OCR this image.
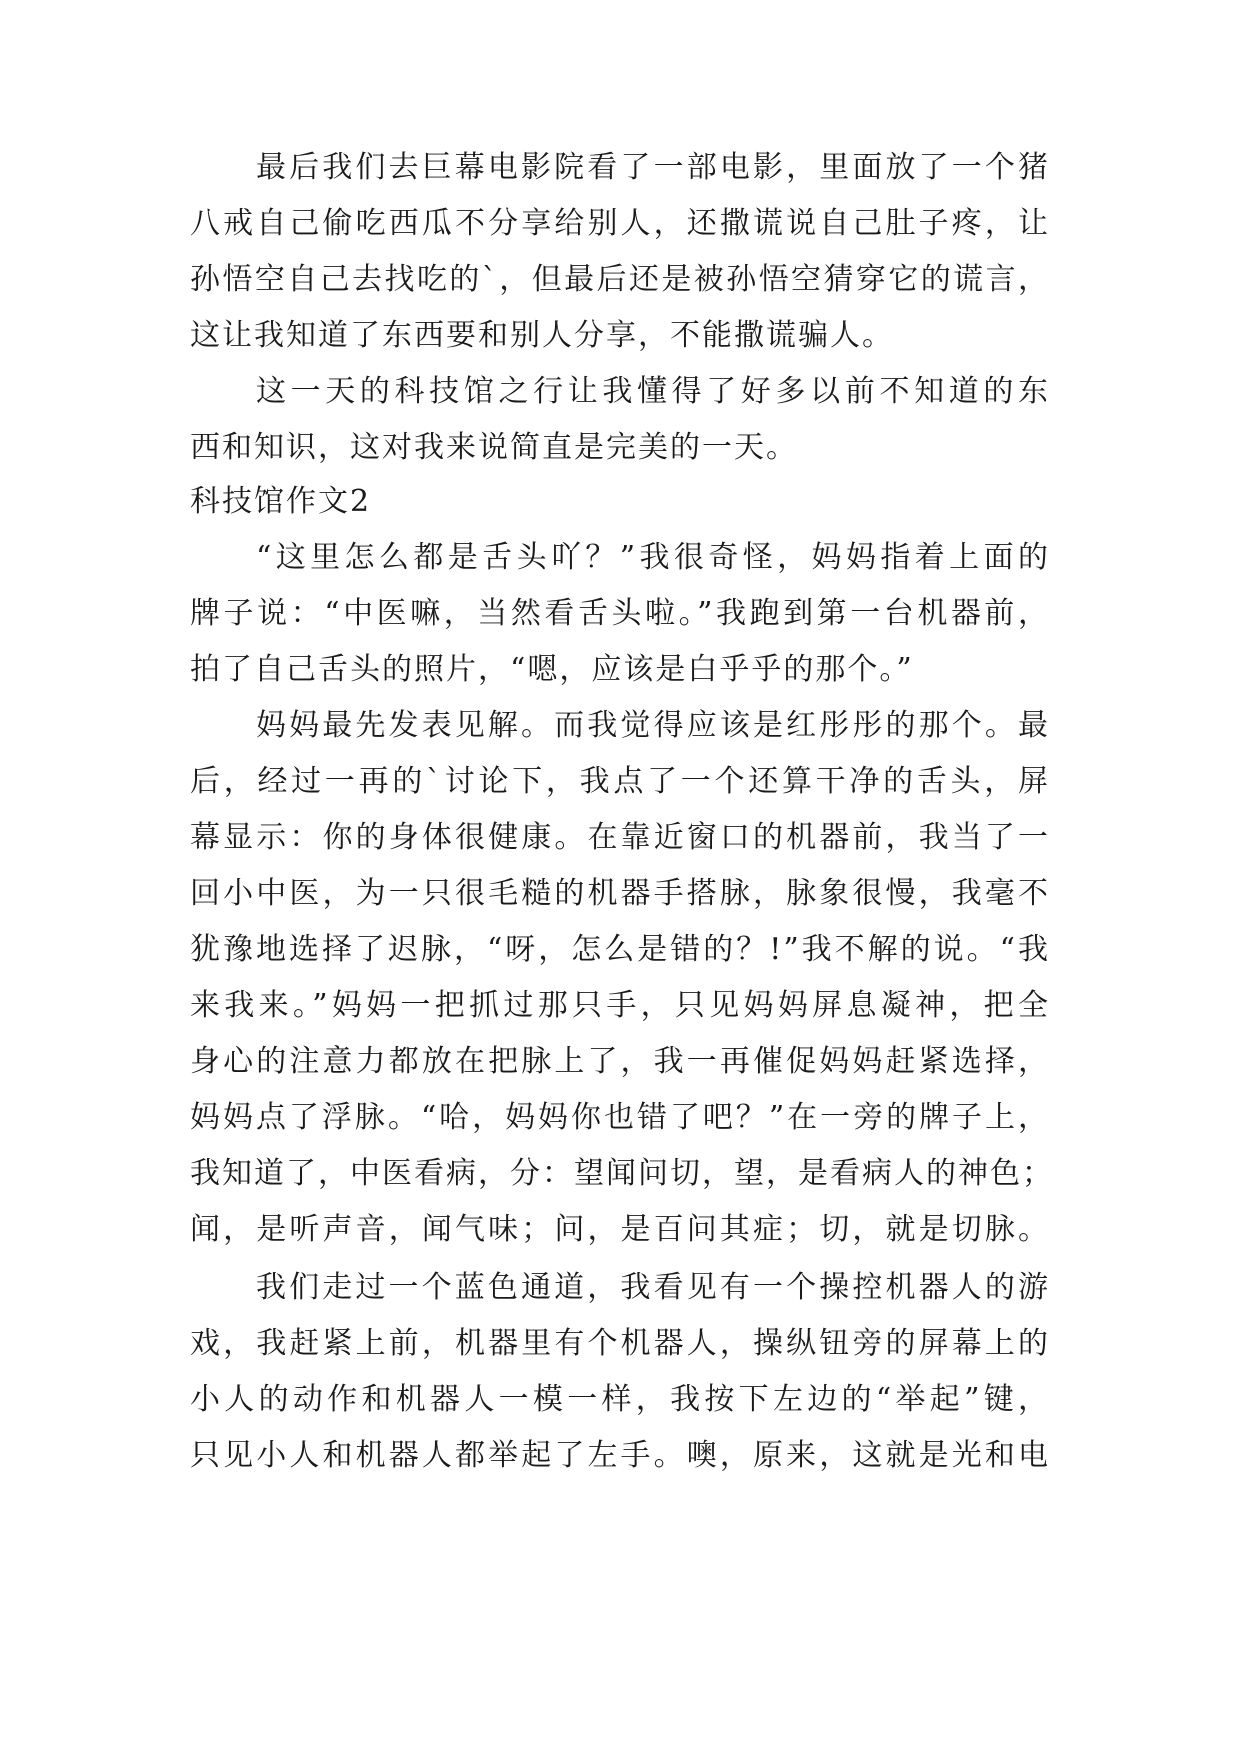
最后我们去巨幕电影院看了一部电影，里面放了一个猪
八戒自己偷吃西瓜不分享给别人，还撒谎说自己肚子疼，让
孙悟空自己去找吃的`，但最后还是被孙悟空猜穿它的谎言，
这让我知道了东西要和别人分享，不能撒谎骗人。
这一天的科技馆之行让我懂得了好多以前不知道的东
西和知识，这对我来说简直是完美的一天。
科技馆作文2
“这里怎么都是舌头吖？”我很奇怪，妈妈指着上面的
牌子说：“中医嘛，当然看舌头啦。”我跑到第一台机器前，
拍了自己舌头的照片，“嗯，应该是白乎乎的那个。”
妈妈最先发表见解。而我觉得应该是红彤彤的那个。最
后，经过一再的`讨论下，我点了一个还算干净的舌头，屏
幕显示：你的身体很健康。在靠近窗口的机器前，我当了一
回小中医，为一只很毛糙的机器手搭脉，脉象很慢，我毫不
犹豫地选择了迟脉，“呀，怎么是错的？!”我不解的说。“我
来我来。”妈妈一把抓过那只手，只见妈妈屏息凝神，把全
身心的注意力都放在把脉上了，我一再催促妈妈赶紧选择，
妈妈点了浮脉。“哈，妈妈你也错了吧？”在一旁的牌子上，
我知道了，中医看病，分：望闻问切，望，是看病人的神色；
闻，是听声音，闻气味；问，是百问其症；切，就是切脉。
我们走过一个蓝色通道，我看见有一个操控机器人的游
戏，我赶紧上前，机器里有个机器人，操纵钮旁的屏幕上的
小人的动作和机器人一模一样，我按下左边的“举起”键，
只见小人和机器人都举起了左手。噢，原来，这就是光和电
